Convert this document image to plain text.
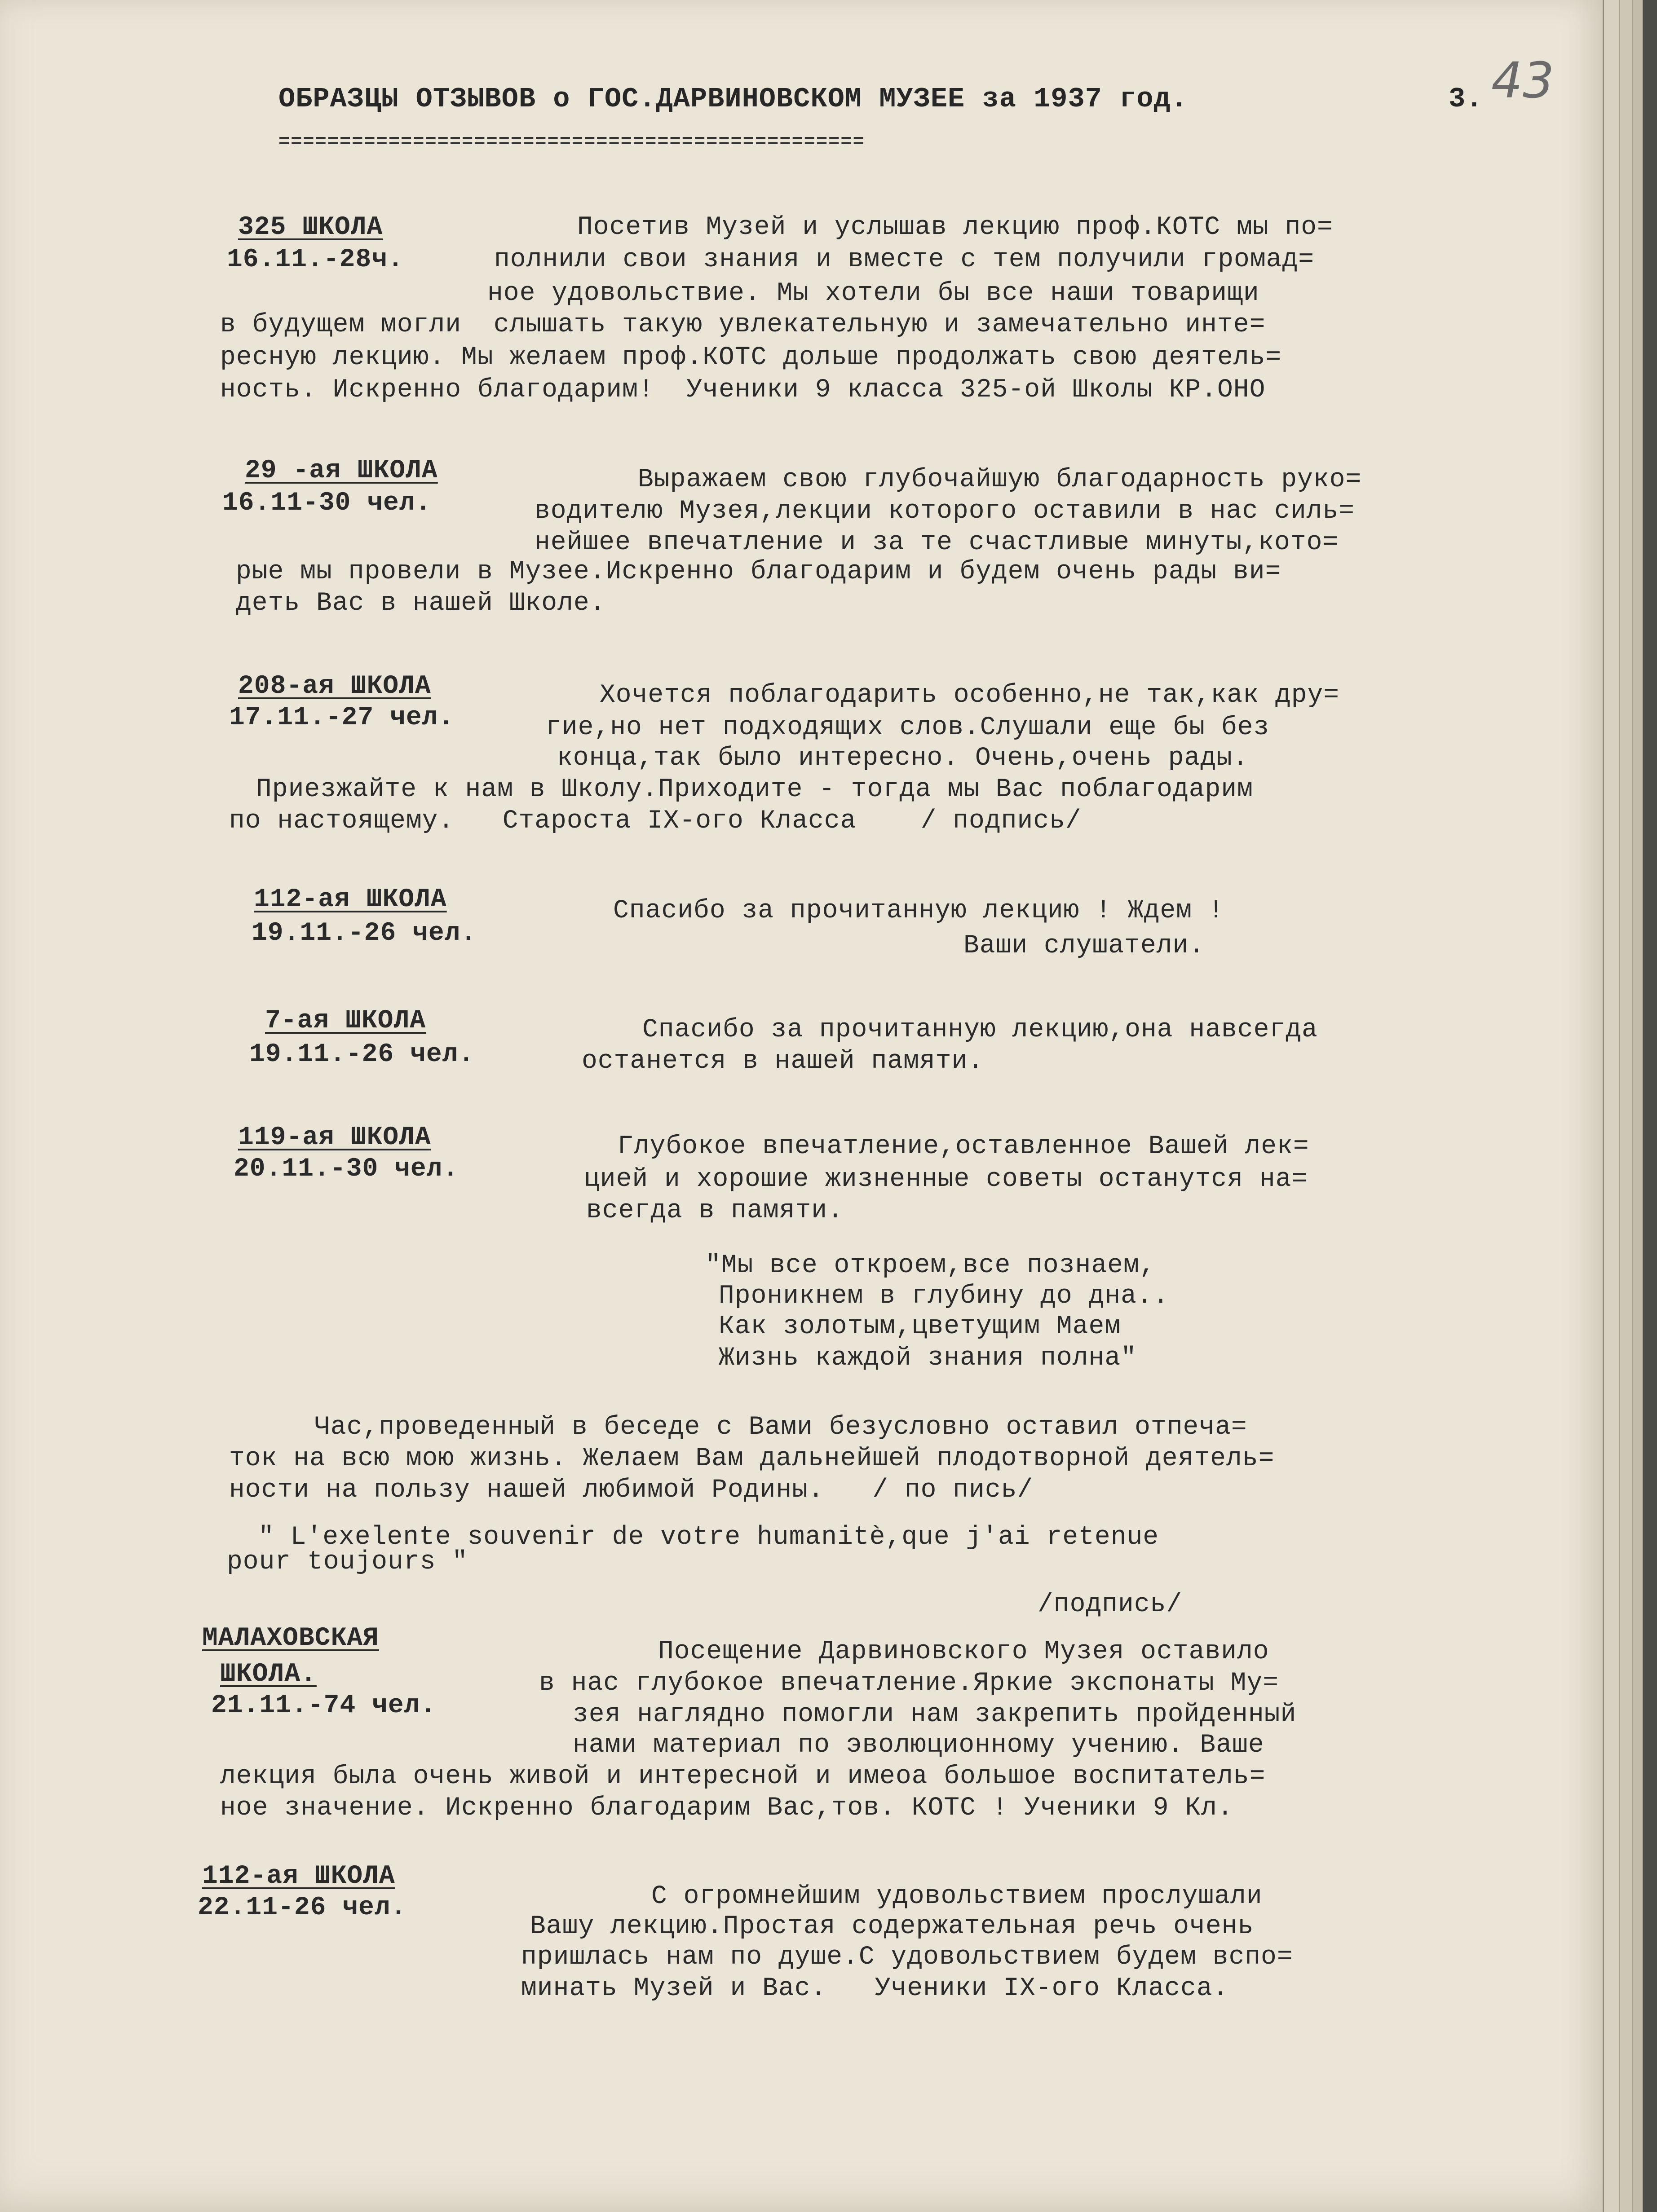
ОБРАЗЦЫ ОТЗЫВОВ о ГОС.ДАРВИНОВСКОМ МУЗЕЕ за 1937 год.	3. 43
================================================
325 ШКОЛА
16.11.-28ч.
Посетив Музей и услышав лекцию проф.КОТС мы по=
полнили свои знания и вместе с тем получили громад=
ное удовольствие. Мы хотели бы все наши товарищи
в будущем могли  слышать такую увлекательную и замечательно инте=
ресную лекцию. Мы желаем проф.КОТС дольше продолжать свою деятель=
ность. Искренно благодарим!  Ученики 9 класса 325-ой Школы КР.ОНО
29 -ая ШКОЛА
16.11-30 чел.
Выражаем свою глубочайшую благодарность руко=
водителю Музея,лекции которого оставили в нас силь=
нейшее впечатление и за те счастливые минуты,кото=
рые мы провели в Музее.Искренно благодарим и будем очень рады ви=
деть Вас в нашей Школе.
208-ая ШКОЛА
17.11.-27 чел.
Хочется поблагодарить особенно,не так,как дру=
гие,но нет подходящих слов.Слушали еще бы без
конца,так было интересно. Очень,очень рады.
Приезжайте к нам в Школу.Приходите - тогда мы Вас поблагодарим
по настоящему.   Староста IX-ого Класса    / подпись/
112-ая ШКОЛА
19.11.-26 чел.
Спасибо за прочитанную лекцию ! Ждем !
Ваши слушатели.
7-ая ШКОЛА
19.11.-26 чел.
Спасибо за прочитанную лекцию,она навсегда
останется в нашей памяти.
119-ая ШКОЛА
20.11.-30 чел.
Глубокое впечатление,оставленное Вашей лек=
цией и хорошие жизненные советы останутся на=
всегда в памяти.
"Мы все откроем,все познаем,
Проникнем в глубину до дна..
Как золотым,цветущим Маем
Жизнь каждой знания полна"
Час,проведенный в беседе с Вами безусловно оставил отпеча=
ток на всю мою жизнь. Желаем Вам дальнейшей плодотворной деятель=
ности на пользу нашей любимой Родины.   / по пись/
" L'exelente souvenir de votre humanitè,que j'ai retenue
pour toujours "
/подпись/
МАЛАХОВСКАЯ
ШКОЛА.
21.11.-74 чел.
Посещение Дарвиновского Музея оставило
в нас глубокое впечатление.Яркие экспонаты Му=
зея наглядно помогли нам закрепить пройденный
нами материал по эволюционному учению. Ваше
лекция была очень живой и интересной и имеоа большое воспитатель=
ное значение. Искренно благодарим Вас,тов. КОТС ! Ученики 9 Кл.
112-ая ШКОЛА
22.11-26 чел.	С огромнейшим удовольствием прослушали
Вашу лекцию.Простая содержательная речь очень
пришлась нам по душе.С удовольствием будем вспо=
минать Музей и Вас.   Ученики IX-ого Класса.
